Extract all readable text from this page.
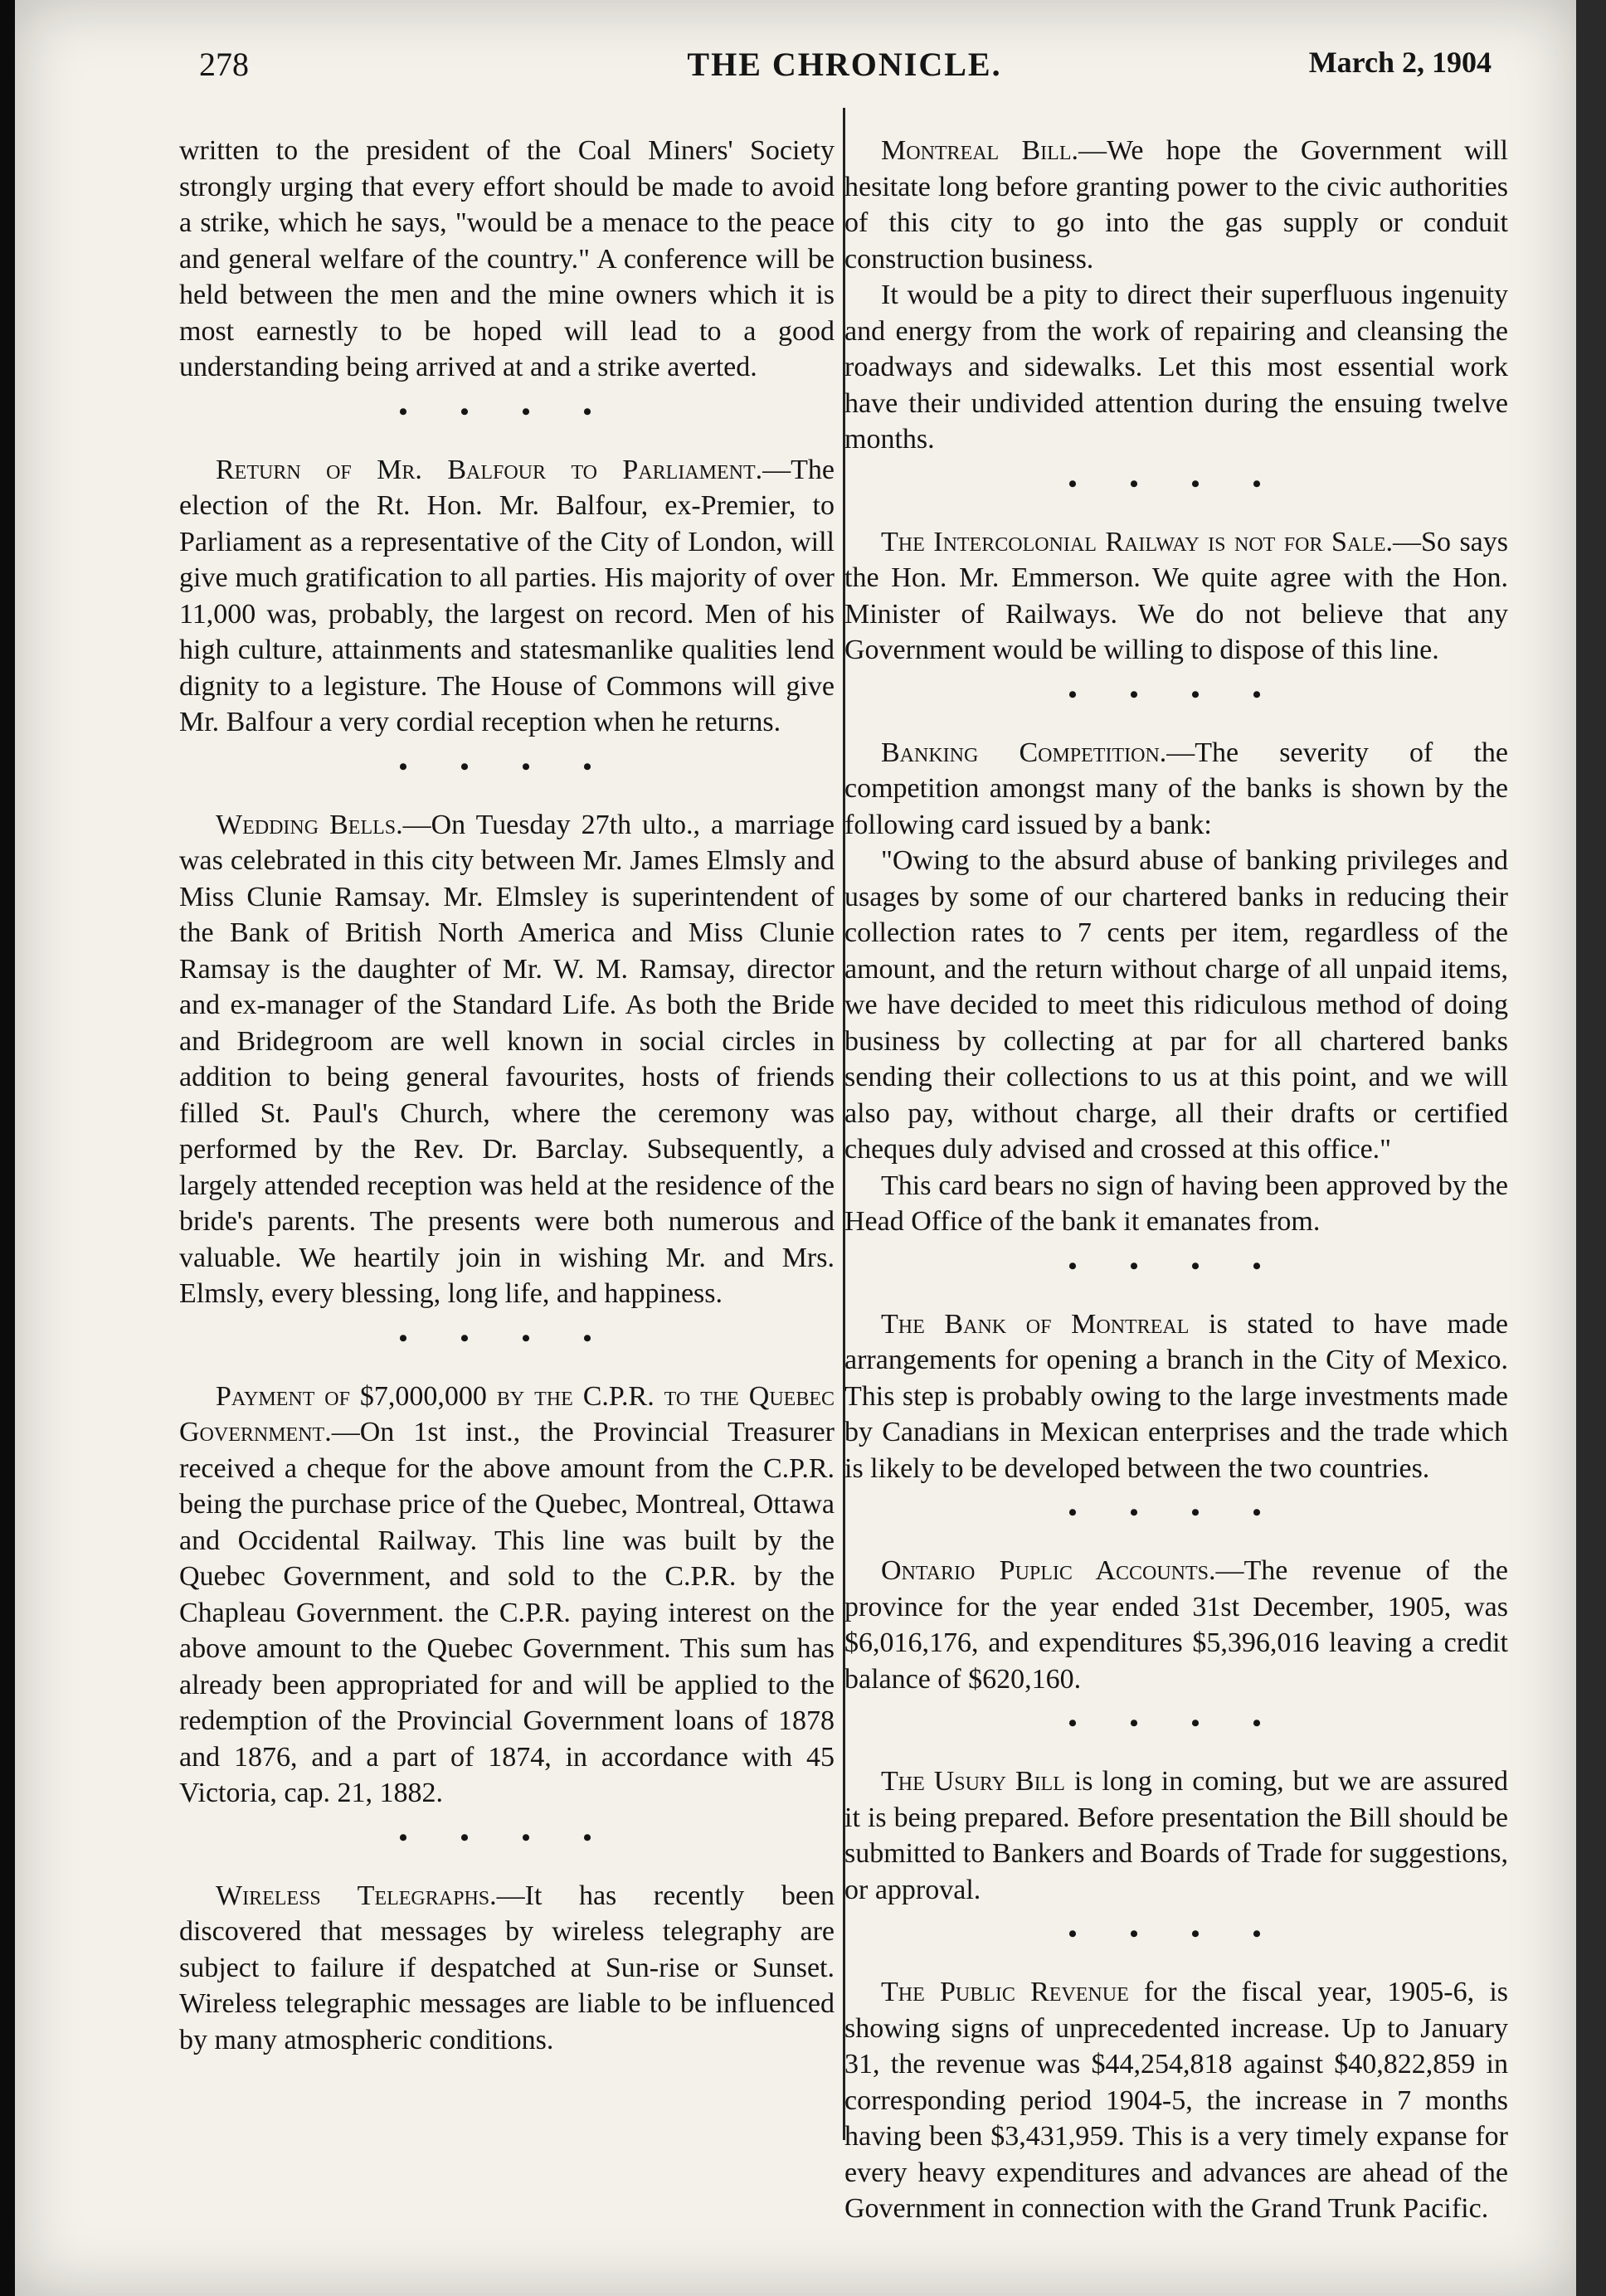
278	THE CHRONICLE.	March 2, 1904

written to the president of the Coal Miners' Society strongly urging that every effort should be made to avoid a strike, which he says, "would be a menace to the peace and general welfare of the country." A conference will be held between the men and the mine owners which it is most earnestly to be hoped will lead to a good understanding being arrived at and a strike averted.

• • • •

Return of Mr. Balfour to Parliament.—The election of the Rt. Hon. Mr. Balfour, ex-Premier, to Parliament as a representative of the City of London, will give much gratification to all parties. His majority of over 11,000 was, probably, the largest on record. Men of his high culture, attainments and statesmanlike qualities lend dignity to a legisture. The House of Commons will give Mr. Balfour a very cordial reception when he returns.

• • • •

Wedding Bells.—On Tuesday 27th ulto., a marriage was celebrated in this city between Mr. James Elmsly and Miss Clunie Ramsay. Mr. Elmsley is superintendent of the Bank of British North America and Miss Clunie Ramsay is the daughter of Mr. W. M. Ramsay, director and ex-manager of the Standard Life. As both the Bride and Bridegroom are well known in social circles in addition to being general favourites, hosts of friends filled St. Paul's Church, where the ceremony was performed by the Rev. Dr. Barclay. Subsequently, a largely attended reception was held at the residence of the bride's parents. The presents were both numerous and valuable. We heartily join in wishing Mr. and Mrs. Elmsly, every blessing, long life, and happiness.

• • • •

Payment of $7,000,000 by the C.P.R. to the Quebec Government.—On 1st inst., the Provincial Treasurer received a cheque for the above amount from the C.P.R. being the purchase price of the Quebec, Montreal, Ottawa and Occidental Railway. This line was built by the Quebec Government, and sold to the C.P.R. by the Chapleau Government. the C.P.R. paying interest on the above amount to the Quebec Government. This sum has already been appropriated for and will be applied to the redemption of the Provincial Government loans of 1878 and 1876, and a part of 1874, in accordance with 45 Victoria, cap. 21, 1882.

• • • •

Wireless Telegraphs.—It has recently been discovered that messages by wireless telegraphy are subject to failure if despatched at Sun-rise or Sunset. Wireless telegraphic messages are liable to be influenced by many atmospheric conditions.

Montreal Bill.—We hope the Government will hesitate long before granting power to the civic authorities of this city to go into the gas supply or conduit construction business.

It would be a pity to direct their superfluous ingenuity and energy from the work of repairing and cleansing the roadways and sidewalks. Let this most essential work have their undivided attention during the ensuing twelve months.

• • • •

The Intercolonial Railway is not for Sale.—So says the Hon. Mr. Emmerson. We quite agree with the Hon. Minister of Railways. We do not believe that any Government would be willing to dispose of this line.

• • • •

Banking Competition.—The severity of the competition amongst many of the banks is shown by the following card issued by a bank:

"Owing to the absurd abuse of banking privileges and usages by some of our chartered banks in reducing their collection rates to 7 cents per item, regardless of the amount, and the return without charge of all unpaid items, we have decided to meet this ridiculous method of doing business by collecting at par for all chartered banks sending their collections to us at this point, and we will also pay, without charge, all their drafts or certified cheques duly advised and crossed at this office."

This card bears no sign of having been approved by the Head Office of the bank it emanates from.

• • • •

The Bank of Montreal is stated to have made arrangements for opening a branch in the City of Mexico. This step is probably owing to the large investments made by Canadians in Mexican enterprises and the trade which is likely to be developed between the two countries.

• • • •

Ontario Puplic Accounts.—The revenue of the province for the year ended 31st December, 1905, was $6,016,176, and expenditures $5,396,016 leaving a credit balance of $620,160.

• • • •

The Usury Bill is long in coming, but we are assured it is being prepared. Before presentation the Bill should be submitted to Bankers and Boards of Trade for suggestions, or approval.

• • • •

The Public Revenue for the fiscal year, 1905-6, is showing signs of unprecedented increase. Up to January 31, the revenue was $44,254,818 against $40,822,859 in corresponding period 1904-5, the increase in 7 months having been $3,431,959. This is a very timely expanse for every heavy expenditures and advances are ahead of the Government in connection with the Grand Trunk Pacific.
